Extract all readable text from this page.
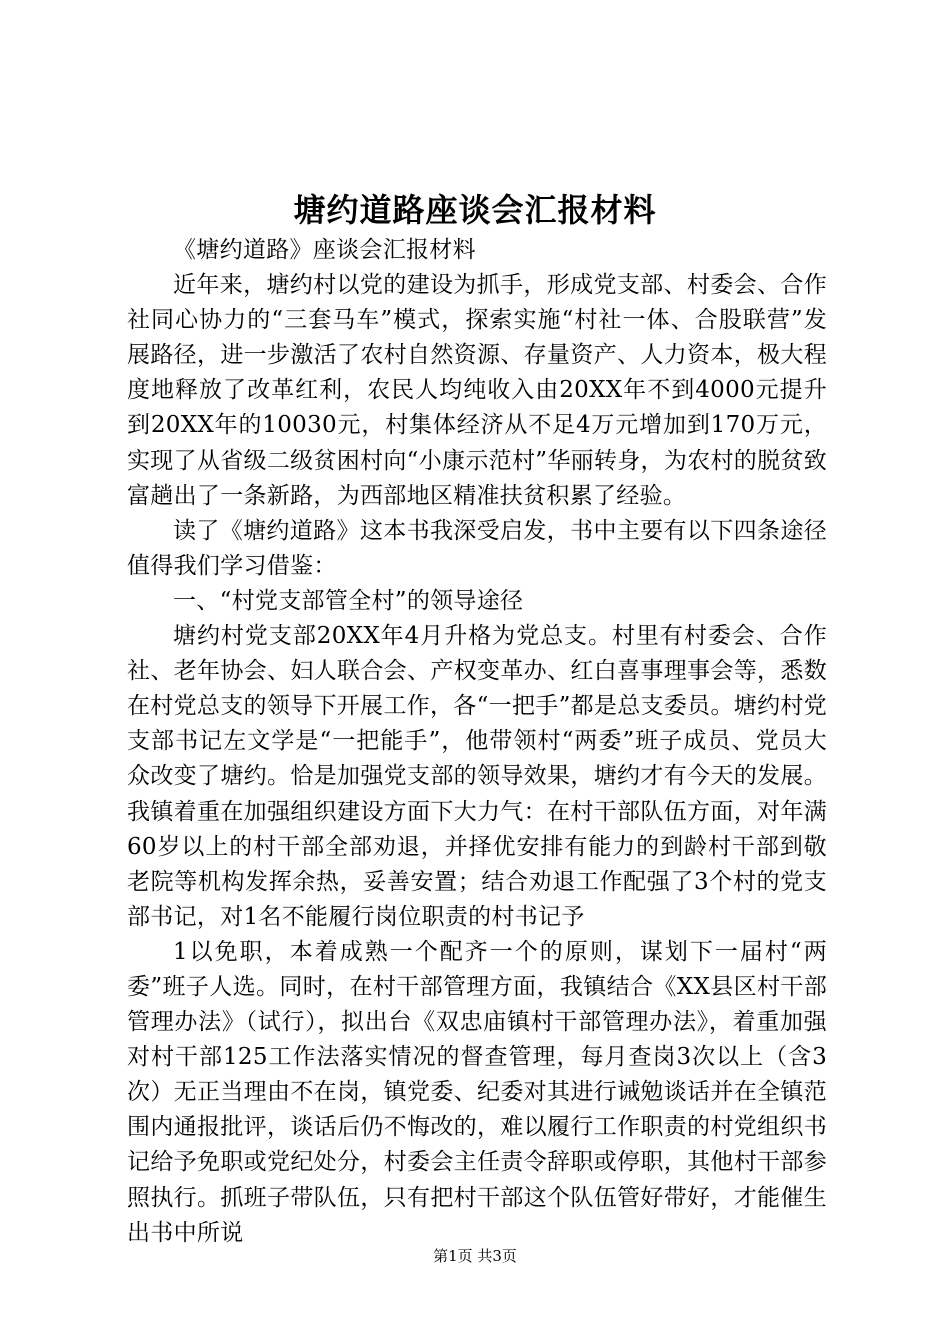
塘约道路座谈会汇报材料

《塘约道路》座谈会汇报材料

近年来，塘约村以党的建设为抓手，形成党支部、村委会、合作社同心协力的“三套马车”模式，探索实施“村社一体、合股联营”发展路径，进一步激活了农村自然资源、存量资产、人力资本，极大程度地释放了改革红利，农民人均纯收入由20XX年不到4000元提升到20XX年的10030元，村集体经济从不足4万元增加到170万元，实现了从省级二级贫困村向“小康示范村”华丽转身，为农村的脱贫致富趟出了一条新路，为西部地区精准扶贫积累了经验。

读了《塘约道路》这本书我深受启发，书中主要有以下四条途径值得我们学习借鉴：

一、“村党支部管全村”的领导途径

塘约村党支部20XX年4月升格为党总支。村里有村委会、合作社、老年协会、妇人联合会、产权变革办、红白喜事理事会等，悉数在村党总支的领导下开展工作，各“一把手”都是总支委员。塘约村党支部书记左文学是“一把能手”，他带领村“两委”班子成员、党员大众改变了塘约。恰是加强党支部的领导效果，塘约才有今天的发展。我镇着重在加强组织建设方面下大力气：在村干部队伍方面，对年满60岁以上的村干部全部劝退，并择优安排有能力的到龄村干部到敬老院等机构发挥余热，妥善安置；结合劝退工作配强了3个村的党支部书记，对1名不能履行岗位职责的村书记予

1以免职，本着成熟一个配齐一个的原则，谋划下一届村“两委”班子人选。同时，在村干部管理方面，我镇结合《XX县区村干部管理办法》（试行），拟出台《双忠庙镇村干部管理办法》，着重加强对村干部125工作法落实情况的督查管理，每月查岗3次以上（含3次）无正当理由不在岗，镇党委、纪委对其进行诫勉谈话并在全镇范围内通报批评，谈话后仍不悔改的，难以履行工作职责的村党组织书记给予免职或党纪处分，村委会主任责令辞职或停职，其他村干部参照执行。抓班子带队伍，只有把村干部这个队伍管好带好，才能催生出书中所说

第1页 共3页
